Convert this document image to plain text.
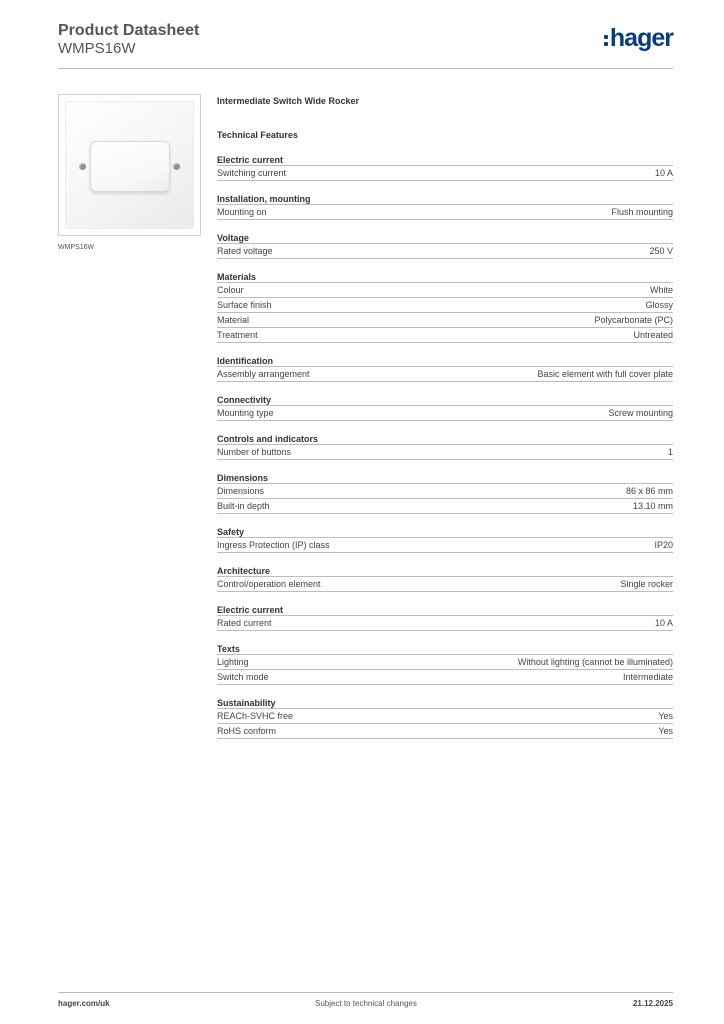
Product Datasheet
WMPS16W	hager
WMPS16W
Intermediate Switch Wide Rocker
Technical Features
Electric current
Switching current	10 A
Installation, mounting
Mounting on	Flush mounting
Voltage
Rated voltage	250 V
Materials
Colour	White
Surface finish	Glossy
Material	Polycarbonate (PC)
Treatment	Untreated
Identification
Assembly arrangement	Basic element with full cover plate
Connectivity
Mounting type	Screw mounting
Controls and indicators
Number of buttons	1
Dimensions
Dimensions	86 x 86 mm
Built-in depth	13.10 mm
Safety
Ingress Protection (IP) class	IP20
Architecture
Control/operation element	Single rocker
Electric current
Rated current	10 A
Texts
Lighting	Without lighting (cannot be illuminated)
Switch mode	Intermediate
Sustainability
REACh-SVHC free	Yes
RoHS conform	Yes
hager.com/uk	Subject to technical changes	21.12.2025
